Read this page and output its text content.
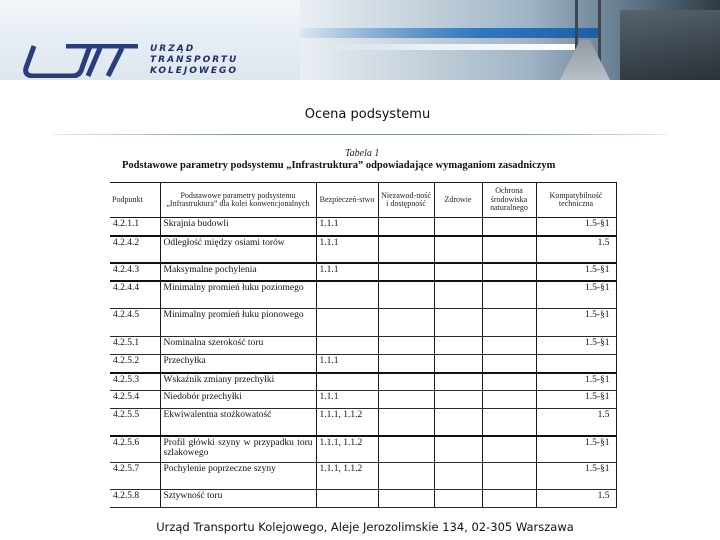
URZĄD
TRANSPORTU
KOLEJOWEGO
Ocena podsystemu
Tabela 1
Podstawowe parametry podsystemu „Infrastruktura” odpowiadające wymaganiom zasadniczym
Podpunkt	Podstawowe parametry podsystemu „Infrastruktura” dla kolei konwencjonalnych	Bezpieczeń-stwo	Niezawod-ność i dostępność	Zdrowie	Ochrona środowiska naturalnego	Kompatybilność techniczna
4.2.1.1	Skrajnia budowli	1.1.1				1.5-§1
4.2.4.2	Odległość między osiami torów	1.1.1				1.5
4.2.4.3	Maksymalne pochylenia	1.1.1				1.5-§1
4.2.4.4	Minimalny promień łuku poziomego					1.5-§1
4.2.4.5	Minimalny promień łuku pionowego					1.5-§1
4.2.5.1	Nominalna szerokość toru					1.5-§1
4.2.5.2	Przechyłka	1.1.1				
4.2.5.3	Wskaźnik zmiany przechyłki					1.5-§1
4.2.5.4	Niedobór przechyłki	1.1.1				1.5-§1
4.2.5.5	Ekwiwalentna stożkowatość	1.1.1, 1.1.2				1.5
4.2.5.6	Profil główki szyny w przypadku toru szlakowego	1.1.1, 1.1.2				1.5-§1
4.2.5.7	Pochylenie poprzeczne szyny	1.1.1, 1.1.2				1.5-§1
4.2.5.8	Sztywność toru					1.5
Urząd Transportu Kolejowego, Aleje Jerozolimskie 134, 02-305 Warszawa
